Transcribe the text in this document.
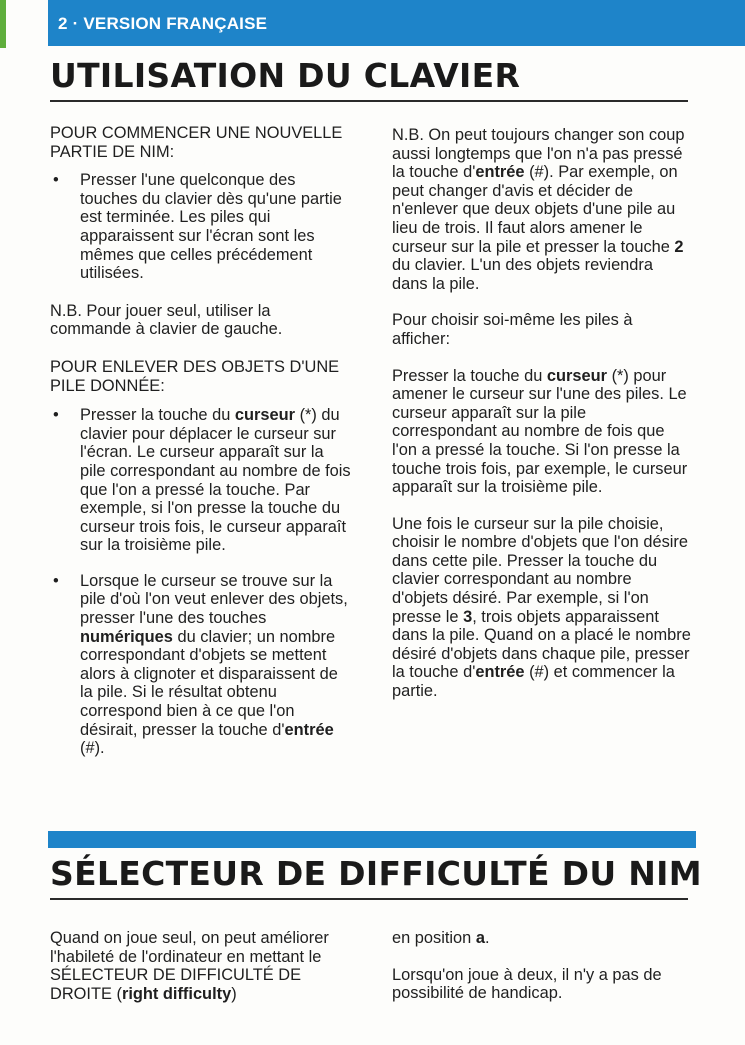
2 · VERSION FRANÇAISE
UTILISATION DU CLAVIER

POUR COMMENCER UNE NOUVELLE PARTIE DE NIM:

• Presser l'une quelconque des touches du clavier dès qu'une partie est terminée. Les piles qui apparaissent sur l'écran sont les mêmes que celles précédement utilisées.

N.B. Pour jouer seul, utiliser la commande à clavier de gauche.

POUR ENLEVER DES OBJETS D'UNE PILE DONNÉE:

• Presser la touche du curseur (*) du clavier pour déplacer le curseur sur l'écran. Le curseur apparaît sur la pile correspondant au nombre de fois que l'on a pressé la touche. Par exemple, si l'on presse la touche du curseur trois fois, le curseur apparaît sur la troisième pile.

• Lorsque le curseur se trouve sur la pile d'où l'on veut enlever des objets, presser l'une des touches numériques du clavier; un nombre correspondant d'objets se mettent alors à clignoter et disparaissent de la pile. Si le résultat obtenu correspond bien à ce que l'on désirait, presser la touche d'entrée (#).

N.B. On peut toujours changer son coup aussi longtemps que l'on n'a pas pressé la touche d'entrée (#). Par exemple, on peut changer d'avis et décider de n'enlever que deux objets d'une pile au lieu de trois. Il faut alors amener le curseur sur la pile et presser la touche 2 du clavier. L'un des objets reviendra dans la pile.

Pour choisir soi-même les piles à afficher:

Presser la touche du curseur (*) pour amener le curseur sur l'une des piles. Le curseur apparaît sur la pile correspondant au nombre de fois que l'on a pressé la touche. Si l'on presse la touche trois fois, par exemple, le curseur apparaît sur la troisième pile.

Une fois le curseur sur la pile choisie, choisir le nombre d'objets que l'on désire dans cette pile. Presser la touche du clavier correspondant au nombre d'objets désiré. Par exemple, si l'on presse le 3, trois objets apparaissent dans la pile. Quand on a placé le nombre désiré d'objets dans chaque pile, presser la touche d'entrée (#) et commencer la partie.

SÉLECTEUR DE DIFFICULTÉ DU NIM

Quand on joue seul, on peut améliorer l'habileté de l'ordinateur en mettant le SÉLECTEUR DE DIFFICULTÉ DE DROITE (right difficulty)

en position a.

Lorsqu'on joue à deux, il n'y a pas de possibilité de handicap.
